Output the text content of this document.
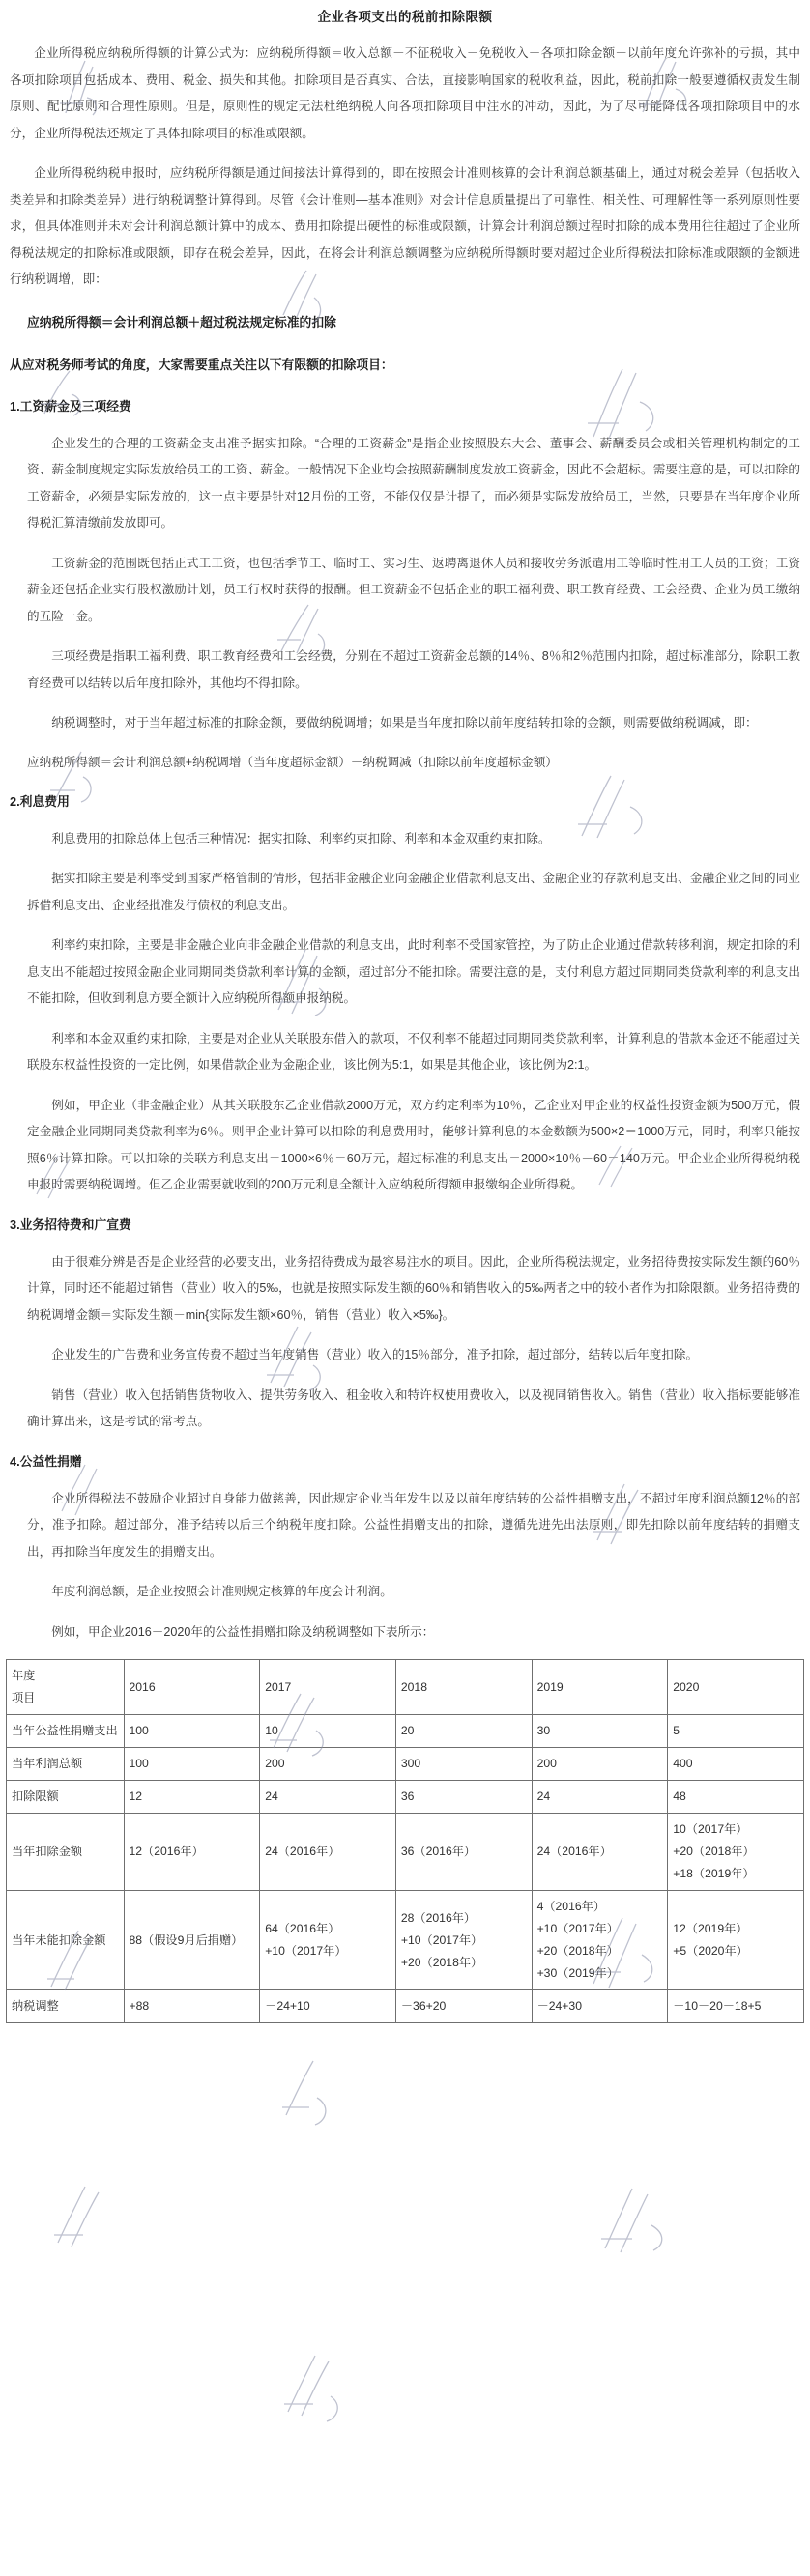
企业各项支出的税前扣除限额

企业所得税应纳税所得额的计算公式为：应纳税所得额＝收入总额－不征税收入－免税收入－各项扣除金额－以前年度允许弥补的亏损，其中各项扣除项目包括成本、费用、税金、损失和其他。扣除项目是否真实、合法，直接影响国家的税收利益，因此，税前扣除一般要遵循权责发生制原则、配比原则和合理性原则。但是，原则性的规定无法杜绝纳税人向各项扣除项目中注水的冲动，因此，为了尽可能降低各项扣除项目中的水分，企业所得税法还规定了具体扣除项目的标准或限额。

企业所得税纳税申报时，应纳税所得额是通过间接法计算得到的，即在按照会计准则核算的会计利润总额基础上，通过对税会差异（包括收入类差异和扣除类差异）进行纳税调整计算得到。尽管《会计准则—基本准则》对会计信息质量提出了可靠性、相关性、可理解性等一系列原则性要求，但具体准则并未对会计利润总额计算中的成本、费用扣除提出硬性的标准或限额，计算会计利润总额过程时扣除的成本费用往往超过了企业所得税法规定的扣除标准或限额，即存在税会差异，因此，在将会计利润总额调整为应纳税所得额时要对超过企业所得税法扣除标准或限额的金额进行纳税调增，即：

应纳税所得额＝会计利润总额＋超过税法规定标准的扣除

从应对税务师考试的角度，大家需要重点关注以下有限额的扣除项目：

1.工资薪金及三项经费

企业发生的合理的工资薪金支出准予据实扣除。“合理的工资薪金”是指企业按照股东大会、董事会、薪酬委员会或相关管理机构制定的工资、薪金制度规定实际发放给员工的工资、薪金。一般情况下企业均会按照薪酬制度发放工资薪金，因此不会超标。需要注意的是，可以扣除的工资薪金，必须是实际发放的，这一点主要是针对12月份的工资，不能仅仅是计提了，而必须是实际发放给员工，当然，只要是在当年度企业所得税汇算清缴前发放即可。

工资薪金的范围既包括正式工工资，也包括季节工、临时工、实习生、返聘离退休人员和接收劳务派遣用工等临时性用工人员的工资；工资薪金还包括企业实行股权激励计划，员工行权时获得的报酬。但工资薪金不包括企业的职工福利费、职工教育经费、工会经费、企业为员工缴纳的五险一金。

三项经费是指职工福利费、职工教育经费和工会经费，分别在不超过工资薪金总额的14％、8％和2％范围内扣除，超过标准部分，除职工教育经费可以结转以后年度扣除外，其他均不得扣除。

纳税调整时，对于当年超过标准的扣除金额，要做纳税调增；如果是当年度扣除以前年度结转扣除的金额，则需要做纳税调减，即：

应纳税所得额＝会计利润总额+纳税调增（当年度超标金额）－纳税调减（扣除以前年度超标金额）

2.利息费用

利息费用的扣除总体上包括三种情况：据实扣除、利率约束扣除、利率和本金双重约束扣除。

据实扣除主要是利率受到国家严格管制的情形，包括非金融企业向金融企业借款利息支出、金融企业的存款利息支出、金融企业之间的同业拆借利息支出、企业经批准发行债权的利息支出。

利率约束扣除，主要是非金融企业向非金融企业借款的利息支出，此时利率不受国家管控，为了防止企业通过借款转移利润，规定扣除的利息支出不能超过按照金融企业同期同类贷款利率计算的金额，超过部分不能扣除。需要注意的是，支付利息方超过同期同类贷款利率的利息支出不能扣除，但收到利息方要全额计入应纳税所得额申报纳税。

利率和本金双重约束扣除，主要是对企业从关联股东借入的款项，不仅利率不能超过同期同类贷款利率，计算利息的借款本金还不能超过关联股东权益性投资的一定比例，如果借款企业为金融企业，该比例为5:1，如果是其他企业，该比例为2:1。

例如，甲企业（非金融企业）从其关联股东乙企业借款2000万元，双方约定利率为10％，乙企业对甲企业的权益性投资金额为500万元，假定金融企业同期同类贷款利率为6％。则甲企业计算可以扣除的利息费用时，能够计算利息的本金数额为500×2＝1000万元，同时，利率只能按照6％计算扣除。可以扣除的关联方利息支出＝1000×6％＝60万元，超过标准的利息支出＝2000×10％－60＝140万元。甲企业企业所得税纳税申报时需要纳税调增。但乙企业需要就收到的200万元利息全额计入应纳税所得额申报缴纳企业所得税。

3.业务招待费和广宣费

由于很难分辨是否是企业经营的必要支出，业务招待费成为最容易注水的项目。因此，企业所得税法规定，业务招待费按实际发生额的60％计算，同时还不能超过销售（营业）收入的5‰，也就是按照实际发生额的60％和销售收入的5‰两者之中的较小者作为扣除限额。业务招待费的纳税调增金额＝实际发生额－min{实际发生额×60％，销售（营业）收入×5‰}。

企业发生的广告费和业务宣传费不超过当年度销售（营业）收入的15％部分，准予扣除，超过部分，结转以后年度扣除。

销售（营业）收入包括销售货物收入、提供劳务收入、租金收入和特许权使用费收入，以及视同销售收入。销售（营业）收入指标要能够准确计算出来，这是考试的常考点。

4.公益性捐赠

企业所得税法不鼓励企业超过自身能力做慈善，因此规定企业当年发生以及以前年度结转的公益性捐赠支出，不超过年度利润总额12％的部分，准予扣除。超过部分，准予结转以后三个纳税年度扣除。公益性捐赠支出的扣除，遵循先进先出法原则，即先扣除以前年度结转的捐赠支出，再扣除当年度发生的捐赠支出。

年度利润总额，是企业按照会计准则规定核算的年度会计利润。

例如，甲企业2016－2020年的公益性捐赠扣除及纳税调整如下表所示：

年度
项目	2016	2017	2018	2019	2020
当年公益性捐赠支出	100	10	20	30	5

当年利润总额	100	200	300	200	400

扣除限额	12	24	36	24	48

当年扣除金额	12（2016年）	24（2016年）	36（2016年）	24（2016年）	10（2017年）
+20（2018年）
+18（2019年）

当年未能扣除金额	88（假设9月后捐赠）	64（2016年）
+10（2017年）	28（2016年）
+10（2017年）
+20（2018年）	4（2016年）
+10（2017年）
+20（2018年）
+30（2019年）	12（2019年）
+5（2020年）

纳税调整	+88	－24+10	－36+20	－24+30	－10－20－18+5
